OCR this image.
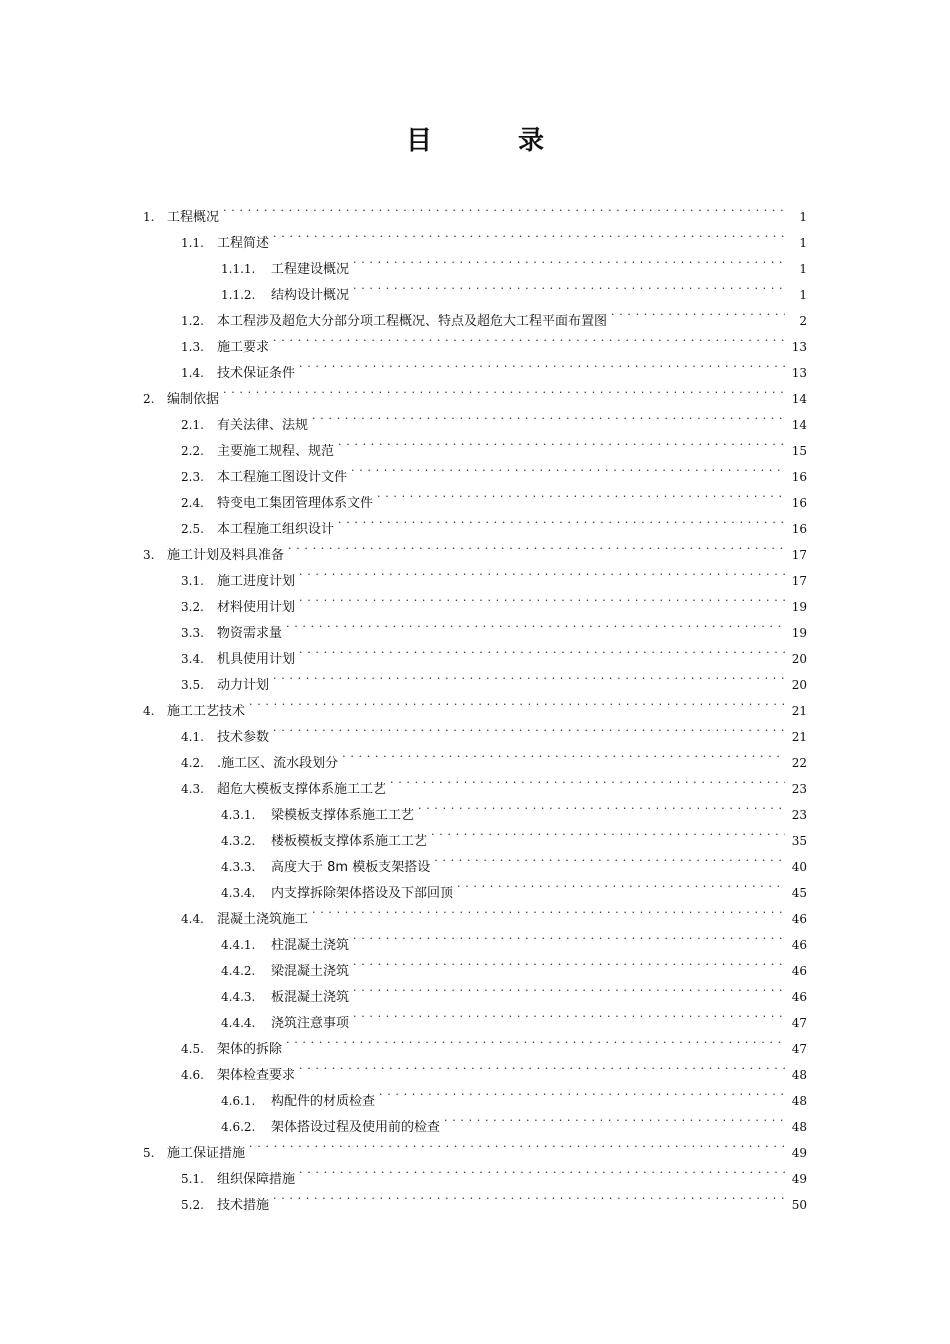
目	录
1. 工程概况 . . .	1
1.1.	工程简述 . . .	1
1.1.1.	工程建设概况 . . .	1
1.1.2.	结构设计概况 . . .	1
1.2.	本工程涉及超危大分部分项工程概况、特点及超危大工程平面布置图 . . .	2
1.3.	施工要求 . . .	13
1.4.	技术保证条件 . . .	13
2. 编制依据 . . .	14
2.1.	有关法律、法规 . . .	14
2.2.	主要施工规程、规范 . . .	15
2.3.	本工程施工图设计文件 . . .	16
2.4.	特变电工集团管理体系文件 . . .	16
2.5.	本工程施工组织设计 . . .	16
3. 施工计划及料具准备 . . .	17
3.1.	施工进度计划 . . .	17
3.2.	材料使用计划 . . .	19
3.3.	物资需求量 . . .	19
3.4.	机具使用计划 . . .	20
3.5.	动力计划 . . .	20
4. 施工工艺技术 . . .	21
4.1.	技术参数 . . .	21
4.2.	.施工区、流水段划分 . . .	22
4.3.	超危大模板支撑体系施工工艺 . . .	23
4.3.1.	梁模板支撑体系施工工艺 . . .	23
4.3.2.	楼板模板支撑体系施工工艺 . . .	35
4.3.3.	高度大于 8m 模板支架搭设 . . .	40
4.3.4.	内支撑拆除架体搭设及下部回顶 . . .	45
4.4.	混凝土浇筑施工 . . .	46
4.4.1.	柱混凝土浇筑 . . .	46
4.4.2.	梁混凝土浇筑 . . .	46
4.4.3.	板混凝土浇筑 . . .	46
4.4.4.	浇筑注意事项 . . .	47
4.5.	架体的拆除 . . .	47
4.6.	架体检查要求 . . .	48
4.6.1.	构配件的材质检查 . . .	48
4.6.2.	架体搭设过程及使用前的检查 . . .	48
5. 施工保证措施 . . .	49
5.1.	组织保障措施 . . .	49
5.2.	技术措施 . . .	50
